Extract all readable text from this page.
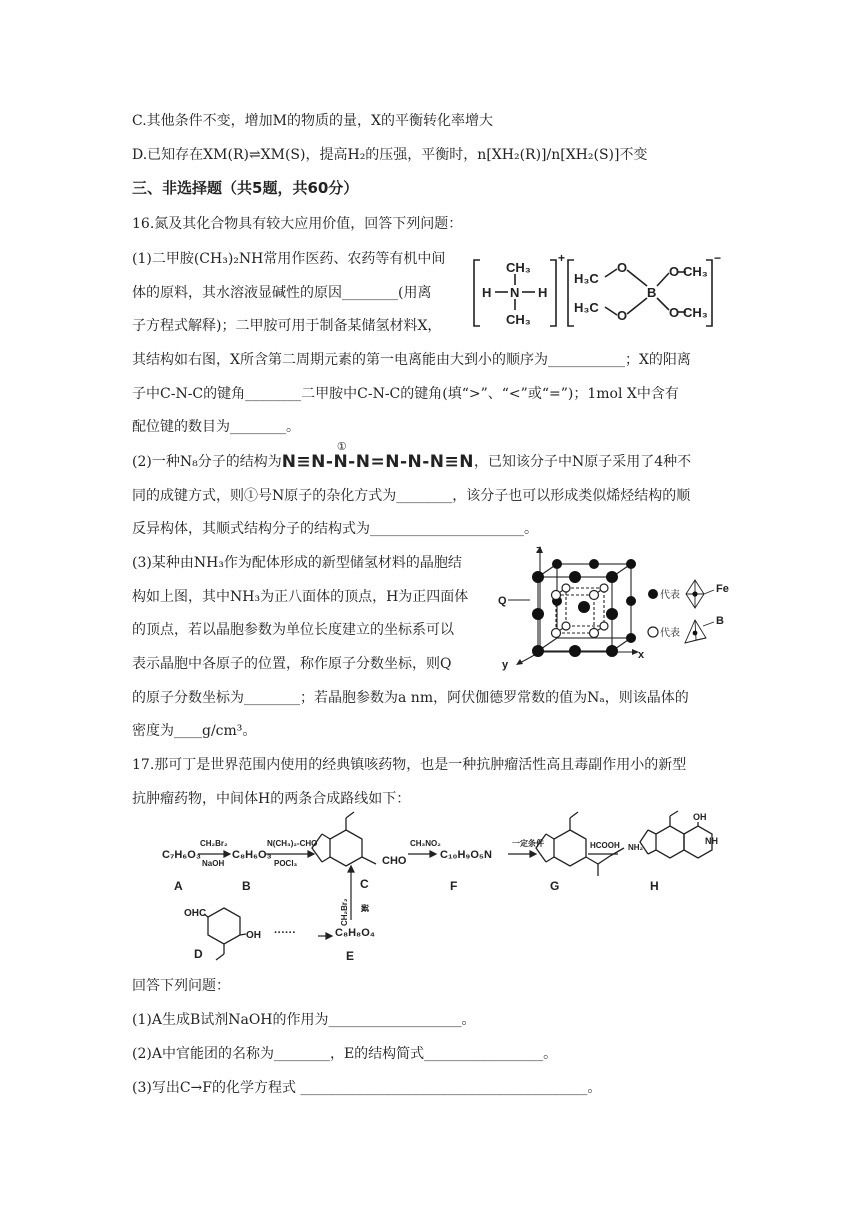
C.其他条件不变，增加M的物质的量，X的平衡转化率增大
D.已知存在XM(R)⇌XM(S)，提高H₂的压强，平衡时，n[XH₂(R)]/n[XH₂(S)]不变
三、非选择题（共5题，共60分）
16.氮及其化合物具有较大应用价值，回答下列问题：
(1)二甲胺(CH₃)₂NH常用作医药、农药等有机中间
体的原料，其水溶液显碱性的原因________(用离
子方程式解释)；二甲胺可用于制备某储氢材料X，
其结构如右图，X所含第二周期元素的第一电离能由大到小的顺序为___________；X的阳离
子中C-N-C的键角________二甲胺中C-N-C的键角(填“>”、“<”或“=”)；1mol X中含有
配位键的数目为________。
CH₃
H N H
CH₃
+
H₃C
O
B
O CH₃
H₃C
O	O CH₃
−
(2)一种N₈分子的结构为
①
N≡N-N-N=N-N-N≡N，已知该分子中N原子采用了4种不
同的成键方式，则①号N原子的杂化方式为________，该分子也可以形成类似烯烃结构的顺
反异构体，其顺式结构分子的结构式为______________________。
(3)某种由NH₃作为配体形成的新型储氢材料的晶胞结
构如上图，其中NH₃为正八面体的顶点，H为正四面体
的顶点，若以晶胞参数为单位长度建立的坐标系可以
表示晶胞中各原子的位置，称作原子分数坐标，则Q
的原子分数坐标为________；若晶胞参数为a nm，阿伏伽德罗常数的值为Nₐ，则该晶体的
密度为____g/cm³。
z
x
y
Q	代表
Fe
代表
B
17.那可丁是世界范围内使用的经典镇咳药物，也是一种抗肿瘤活性高且毒副作用小的新型
抗肿瘤药物，中间体H的两条合成路线如下：
C₇H₆O₃
CH₂Br₂
NaOH
C₈H₆O₃
N(CH₃)₂-CHO
POCl₃	CHO
CH₃NO₂
C₁₀H₉O₅N
一定条件	NH₂
HCOOH
OH
NH
OHC
OH ······	C₈H₈O₄
CH₂Br₂ 碱
A	B	C	F	G	H
D	E
回答下列问题：
(1)A生成B试剂NaOH的作用为___________________。
(2)A中官能团的名称为________，E的结构简式_________________。
(3)写出C→F的化学方程式 _________________________________________。
